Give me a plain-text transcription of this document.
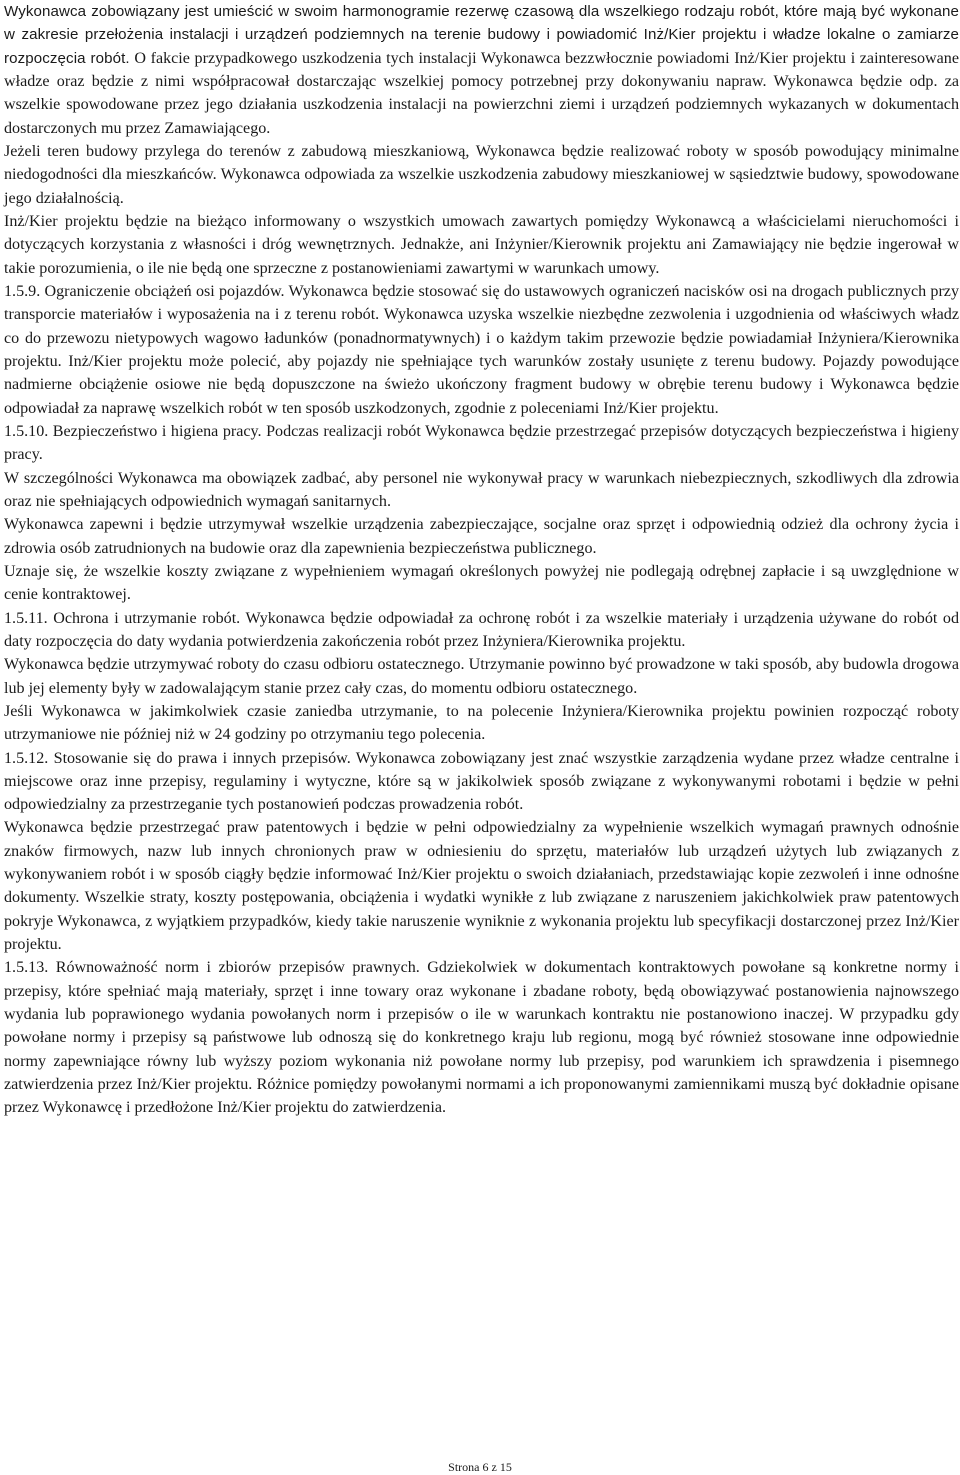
Wykonawca zobowiązany jest umieścić w swoim harmonogramie rezerwę czasową dla wszelkiego rodzaju robót, które mają być wykonane w zakresie przełożenia instalacji i urządzeń podziemnych na terenie budowy i powiadomić Inż/Kier projektu i władze lokalne o zamiarze rozpoczęcia robót. O fakcie przypadkowego uszkodzenia tych instalacji Wykonawca bezzwłocznie powiadomi Inż/Kier projektu i zainteresowane władze oraz będzie z nimi współpracował dostarczając wszelkiej pomocy potrzebnej przy dokonywaniu napraw. Wykonawca będzie odp. za wszelkie spowodowane przez jego działania uszkodzenia instalacji na powierzchni ziemi i urządzeń podziemnych wykazanych w dokumentach dostarczonych mu przez Zamawiającego.

Jeżeli teren budowy przylega do terenów z zabudową mieszkaniową, Wykonawca będzie realizować roboty w sposób powodujący minimalne niedogodności dla mieszkańców. Wykonawca odpowiada za wszelkie uszkodzenia zabudowy mieszkaniowej w sąsiedztwie budowy, spowodowane jego działalnością.

Inż/Kier projektu będzie na bieżąco informowany o wszystkich umowach zawartych pomiędzy Wykonawcą a właścicielami nieruchomości i dotyczących korzystania z własności i dróg wewnętrznych. Jednakże, ani Inżynier/Kierownik projektu ani Zamawiający nie będzie ingerował w takie porozumienia, o ile nie będą one sprzeczne z postanowieniami zawartymi w warunkach umowy.

1.5.9. Ograniczenie obciążeń osi pojazdów. Wykonawca będzie stosować się do ustawowych ograniczeń nacisków osi na drogach publicznych przy transporcie materiałów i wyposażenia na i z terenu robót. Wykonawca uzyska wszelkie niezbędne zezwolenia i uzgodnienia od właściwych władz co do przewozu nietypowych wagowo ładunków (ponadnormatywnych) i o każdym takim przewozie będzie powiadamiał Inżyniera/Kierownika projektu. Inż/Kier projektu może polecić, aby pojazdy nie spełniające tych warunków zostały usunięte z terenu budowy. Pojazdy powodujące nadmierne obciążenie osiowe nie będą dopuszczone na świeżo ukończony fragment budowy w obrębie terenu budowy i Wykonawca będzie odpowiadał za naprawę wszelkich robót w ten sposób uszkodzonych, zgodnie z poleceniami Inż/Kier projektu.

1.5.10. Bezpieczeństwo i higiena pracy. Podczas realizacji robót Wykonawca będzie przestrzegać przepisów dotyczących bezpieczeństwa i higieny pracy.

W szczególności Wykonawca ma obowiązek zadbać, aby personel nie wykonywał pracy w warunkach niebezpiecznych, szkodliwych dla zdrowia oraz nie spełniających odpowiednich wymagań sanitarnych.

Wykonawca zapewni i będzie utrzymywał wszelkie urządzenia zabezpieczające, socjalne oraz sprzęt i odpowiednią odzież dla ochrony życia i zdrowia osób zatrudnionych na budowie oraz dla zapewnienia bezpieczeństwa publicznego.

Uznaje się, że wszelkie koszty związane z wypełnieniem wymagań określonych powyżej nie podlegają odrębnej zapłacie i są uwzględnione w cenie kontraktowej.

1.5.11. Ochrona i utrzymanie robót. Wykonawca będzie odpowiadał za ochronę robót i za wszelkie materiały i urządzenia używane do robót od daty rozpoczęcia do daty wydania potwierdzenia zakończenia robót przez Inżyniera/Kierownika projektu.

Wykonawca będzie utrzymywać roboty do czasu odbioru ostatecznego. Utrzymanie powinno być prowadzone w taki sposób, aby budowla drogowa lub jej elementy były w zadowalającym stanie przez cały czas, do momentu odbioru ostatecznego.

Jeśli Wykonawca w jakimkolwiek czasie zaniedba utrzymanie, to na polecenie Inżyniera/Kierownika projektu powinien rozpocząć roboty utrzymaniowe nie później niż w 24 godziny po otrzymaniu tego polecenia.

1.5.12. Stosowanie się do prawa i innych przepisów. Wykonawca zobowiązany jest znać wszystkie zarządzenia wydane przez władze centralne i miejscowe oraz inne przepisy, regulaminy i wytyczne, które są w jakikolwiek sposób związane z wykonywanymi robotami i będzie w pełni odpowiedzialny za przestrzeganie tych postanowień podczas prowadzenia robót.

Wykonawca będzie przestrzegać praw patentowych i będzie w pełni odpowiedzialny za wypełnienie wszelkich wymagań prawnych odnośnie znaków firmowych, nazw lub innych chronionych praw w odniesieniu do sprzętu, materiałów lub urządzeń użytych lub związanych z wykonywaniem robót i w sposób ciągły będzie informować Inż/Kier projektu o swoich działaniach, przedstawiając kopie zezwoleń i inne odnośne dokumenty. Wszelkie straty, koszty postępowania, obciążenia i wydatki wynikłe z lub związane z naruszeniem jakichkolwiek praw patentowych pokryje Wykonawca, z wyjątkiem przypadków, kiedy takie naruszenie wyniknie z wykonania projektu lub specyfikacji dostarczonej przez Inż/Kier projektu.

1.5.13. Równoważność norm i zbiorów przepisów prawnych. Gdziekolwiek w dokumentach kontraktowych powołane są konkretne normy i przepisy, które spełniać mają materiały, sprzęt i inne towary oraz wykonane i zbadane roboty, będą obowiązywać postanowienia najnowszego wydania lub poprawionego wydania powołanych norm i przepisów o ile w warunkach kontraktu nie postanowiono inaczej. W przypadku gdy powołane normy i przepisy są państwowe lub odnoszą się do konkretnego kraju lub regionu, mogą być również stosowane inne odpowiednie normy zapewniające równy lub wyższy poziom wykonania niż powołane normy lub przepisy, pod warunkiem ich sprawdzenia i pisemnego zatwierdzenia przez Inż/Kier projektu. Różnice pomiędzy powołanymi normami a ich proponowanymi zamiennikami muszą być dokładnie opisane przez Wykonawcę i przedłożone Inż/Kier projektu do zatwierdzenia.

Strona 6 z 15
